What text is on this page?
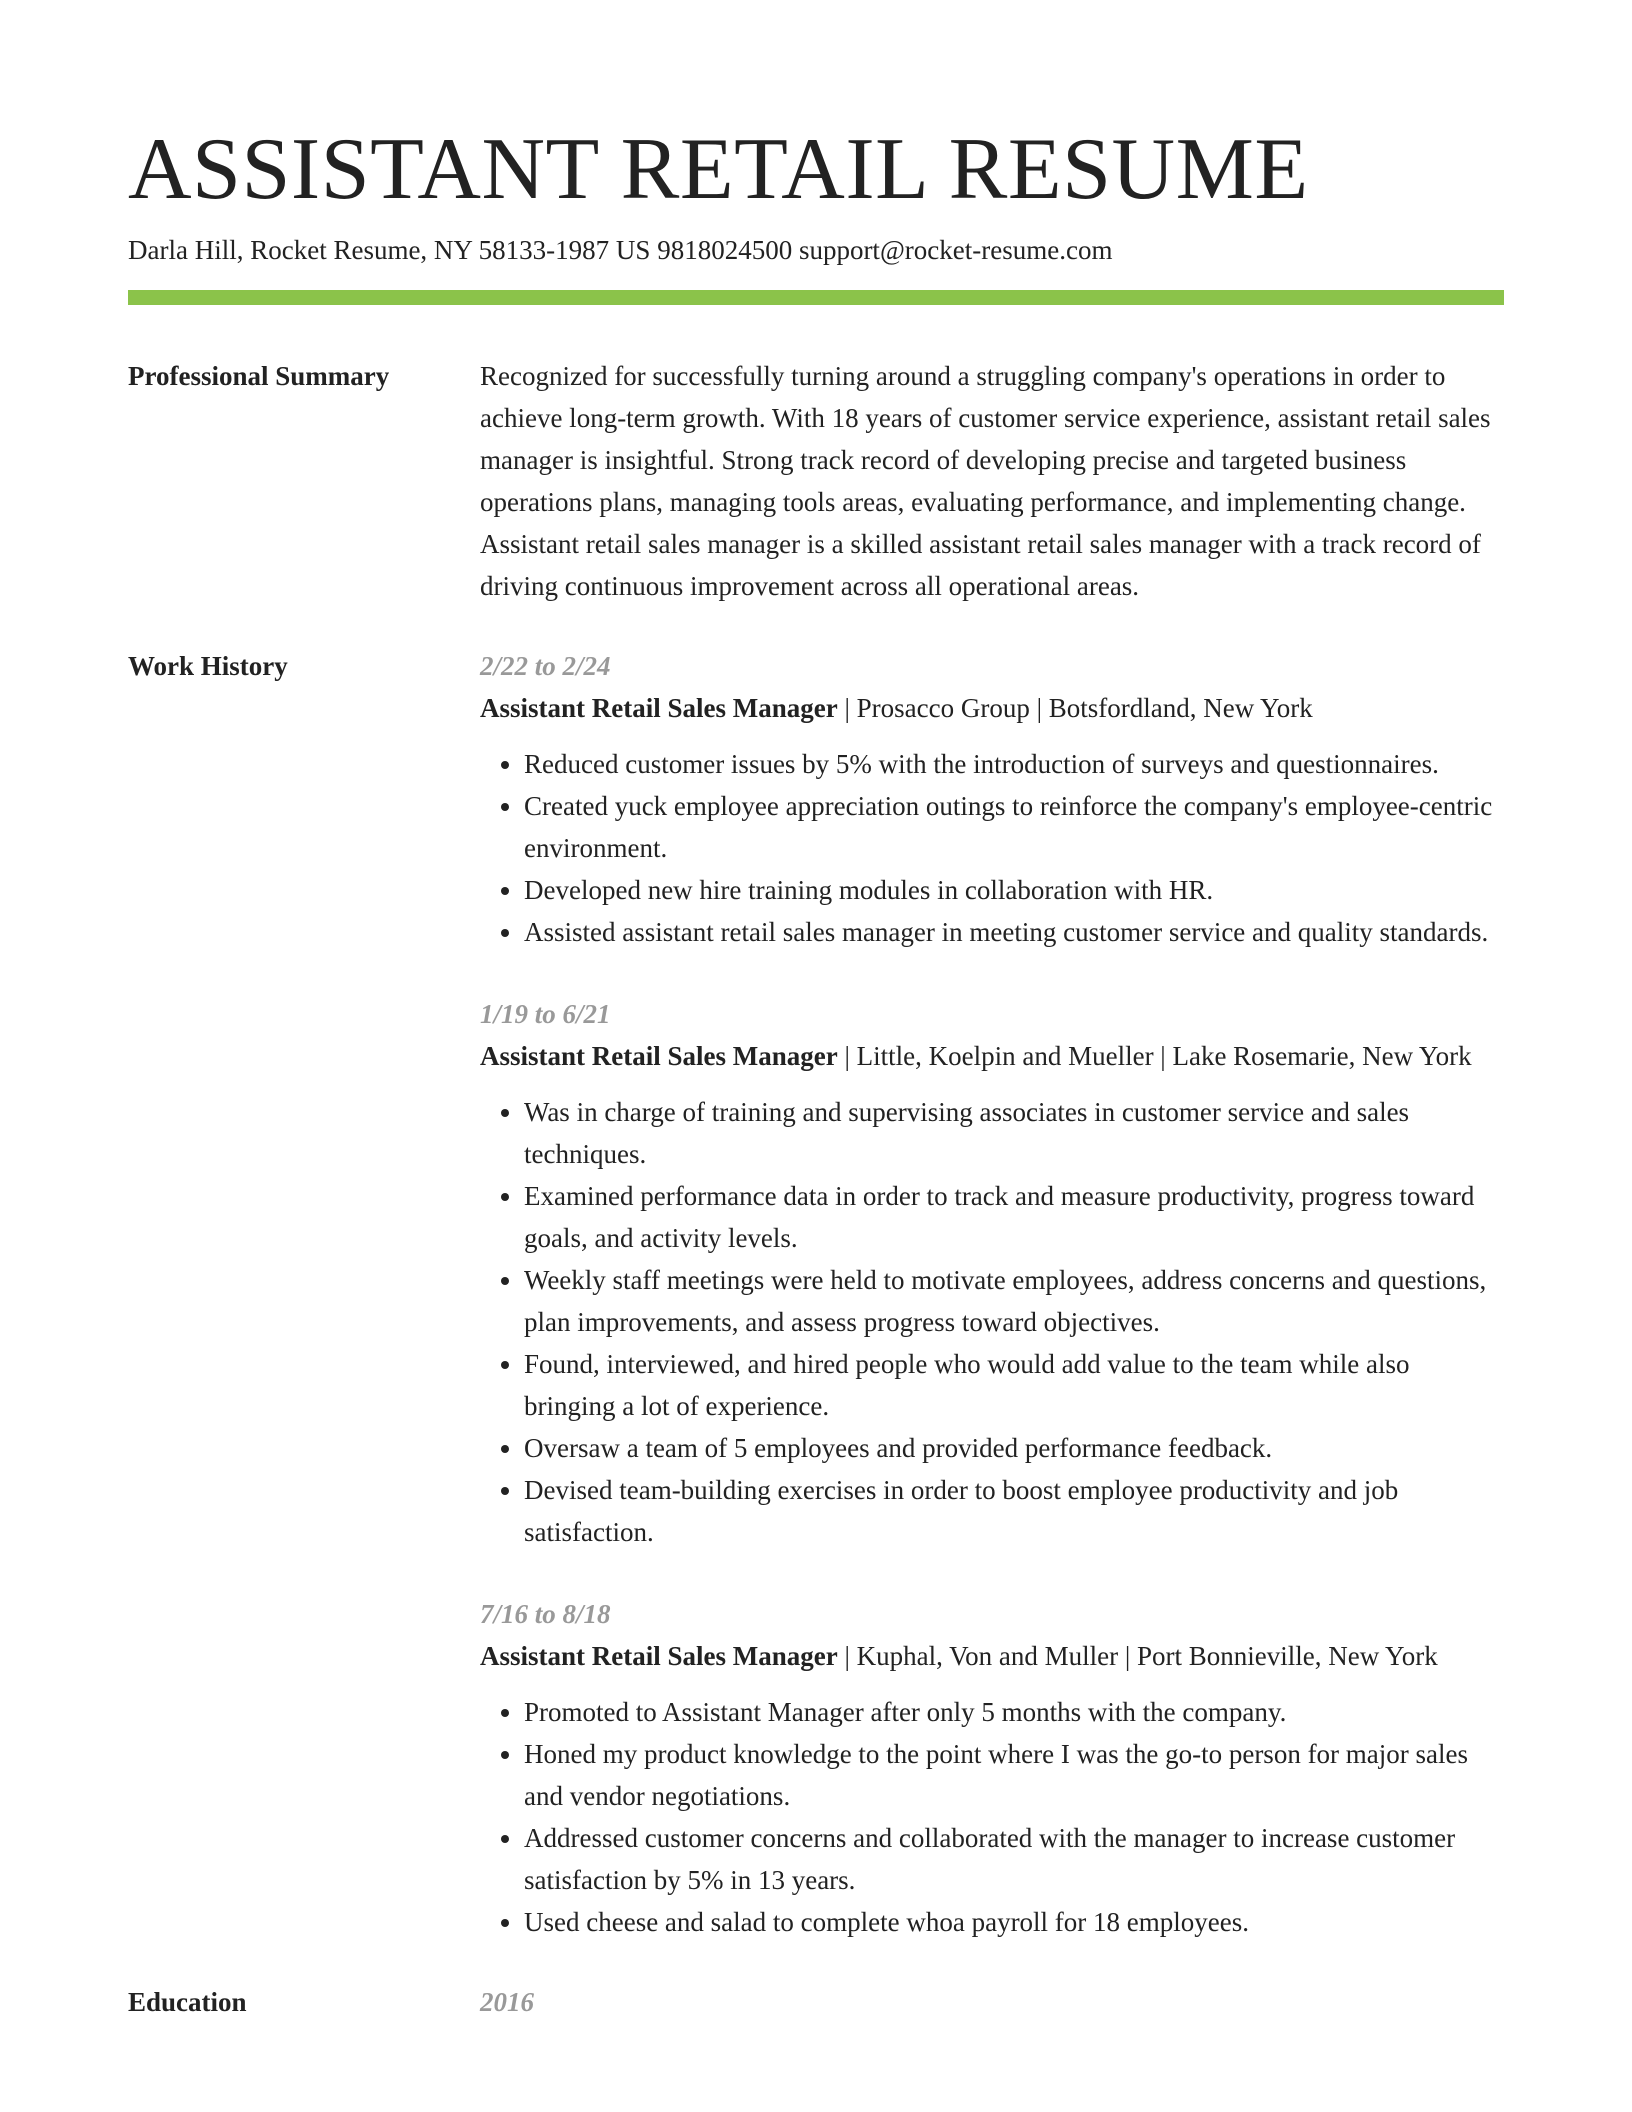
ASSISTANT RETAIL RESUME
Darla Hill, Rocket Resume, NY 58133-1987 US 9818024500 support@rocket-resume.com
Professional Summary	Recognized for successfully turning around a struggling company's operations in order to achieve long-term growth. With 18 years of customer service experience, assistant retail sales manager is insightful. Strong track record of developing precise and targeted business operations plans, managing tools areas, evaluating performance, and implementing change. Assistant retail sales manager is a skilled assistant retail sales manager with a track record of driving continuous improvement across all operational areas.

Work History	2/22 to 2/24
Assistant Retail Sales Manager | Prosacco Group | Botsfordland, New York
• Reduced customer issues by 5% with the introduction of surveys and questionnaires.
• Created yuck employee appreciation outings to reinforce the company's employee-centric environment.
• Developed new hire training modules in collaboration with HR.
• Assisted assistant retail sales manager in meeting customer service and quality standards.
1/19 to 6/21
Assistant Retail Sales Manager | Little, Koelpin and Mueller | Lake Rosemarie, New York
• Was in charge of training and supervising associates in customer service and sales techniques.
• Examined performance data in order to track and measure productivity, progress toward goals, and activity levels.
• Weekly staff meetings were held to motivate employees, address concerns and questions, plan improvements, and assess progress toward objectives.
• Found, interviewed, and hired people who would add value to the team while also bringing a lot of experience.
• Oversaw a team of 5 employees and provided performance feedback.
• Devised team-building exercises in order to boost employee productivity and job satisfaction.
7/16 to 8/18
Assistant Retail Sales Manager | Kuphal, Von and Muller | Port Bonnieville, New York
• Promoted to Assistant Manager after only 5 months with the company.
• Honed my product knowledge to the point where I was the go-to person for major sales and vendor negotiations.
• Addressed customer concerns and collaborated with the manager to increase customer satisfaction by 5% in 13 years.
• Used cheese and salad to complete whoa payroll for 18 employees.
Education	2016
